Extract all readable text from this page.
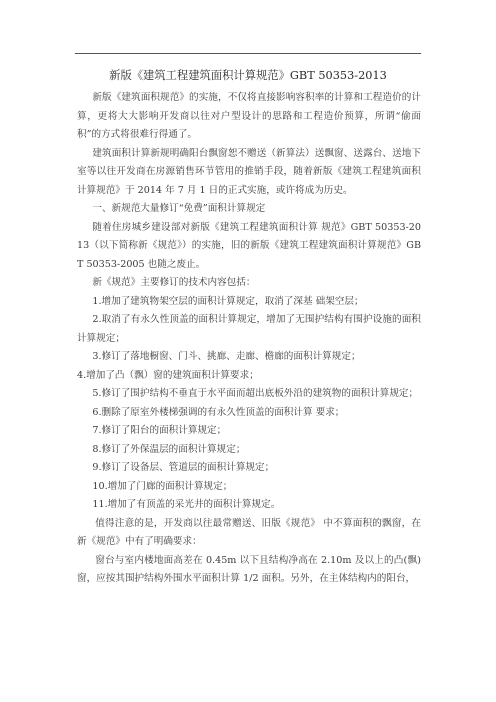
新版《建筑工程建筑面积计算规范》GBT 50353-2013

新版《建筑面积规范》的实施，不仅将直接影响容积率的计算和工程造价的计算，更将大大影响开发商以往对户型设计的思路和工程造价预算，所谓“偷面积”的方式将很难行得通了。

建筑面积计算新规明确阳台飘窗恕不赠送（新算法）送飘窗、送露台、送地下室等以往开发商在房源销售环节管用的推销手段，随着新版《建筑工程建筑面积计算规范》于 2014 年 7 月 1 日的正式实施，或许将成为历史。

一、新规范大量修订“免费”面积计算规定

随着住房城乡建设部对新版《建筑工程建筑面积计算 规范》GBT 50353-2013（以下简称新《规范》）的实施，旧的新版《建筑工程建筑面积计算规范》GBT 50353-2005 也随之废止。

新《规范》主要修订的技术内容包括：

1.增加了建筑物架空层的面积计算规定，取消了深基 础架空层；

2.取消了有永久性顶盖的面积计算规定，增加了无围护结构有围护设施的面积计算规定；

3.修订了落地橱窗、门斗、挑廊、走廊、檐廊的面积计算规定；

4.增加了凸（飘）窗的建筑面积计算要求；

5.修订了围护结构不垂直于水平面而超出底板外沿的建筑物的面积计算规定；

6.删除了原室外楼梯强调的有永久性顶盖的面积计算 要求；

7.修订了阳台的面积计算规定；

8.修订了外保温层的面积计算规定；

9.修订了设备层、管道层的面积计算规定；

10.增加了门廊的面积计算规定；

11.增加了有顶盖的采光井的面积计算规定。

值得注意的是，开发商以往最常赠送、旧版《规范》 中不算面积的飘窗，在新《规范》中有了明确要求：

窗台与室内楼地面高差在 0.45m 以下且结构净高在 2.10m 及以上的凸(飘)窗，应按其围护结构外围水平面积计算 1/2 面积。另外，在主体结构内的阳台，
